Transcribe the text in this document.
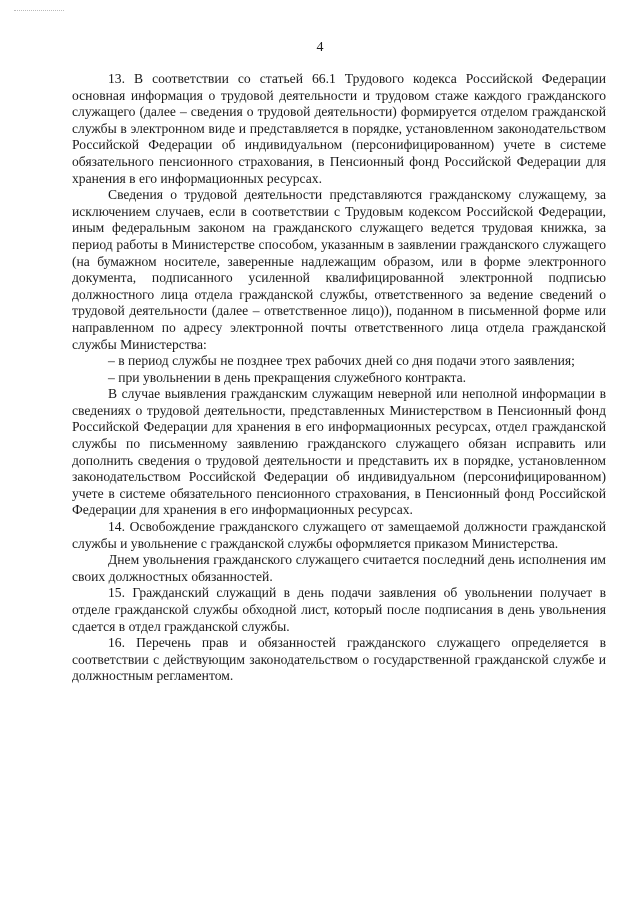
4

13. В соответствии со статьей 66.1 Трудового кодекса Российской Федерации основная информация о трудовой деятельности и трудовом стаже каждого гражданского служащего (далее – сведения о трудовой деятельности) формируется отделом гражданской службы в электронном виде и представляется в порядке, установленном законодательством Российской Федерации об индивидуальном (персонифицированном) учете в системе обязательного пенсионного страхования, в Пенсионный фонд Российской Федерации для хранения в его информационных ресурсах.

Сведения о трудовой деятельности представляются гражданскому служащему, за исключением случаев, если в соответствии с Трудовым кодексом Российской Федерации, иным федеральным законом на гражданского служащего ведется трудовая книжка, за период работы в Министерстве способом, указанным в заявлении гражданского служащего (на бумажном носителе, заверенные надлежащим образом, или в форме электронного документа, подписанного усиленной квалифицированной электронной подписью должностного лица отдела гражданской службы, ответственного за ведение сведений о трудовой деятельности (далее – ответственное лицо)), поданном в письменной форме или направленном по адресу электронной почты ответственного лица отдела гражданской службы Министерства:

– в период службы не позднее трех рабочих дней со дня подачи этого заявления;

– при увольнении в день прекращения служебного контракта.

В случае выявления гражданским служащим неверной или неполной информации в сведениях о трудовой деятельности, представленных Министерством в Пенсионный фонд Российской Федерации для хранения в его информационных ресурсах, отдел гражданской службы по письменному заявлению гражданского служащего обязан исправить или дополнить сведения о трудовой деятельности и представить их в порядке, установленном законодательством Российской Федерации об индивидуальном (персонифицированном) учете в системе обязательного пенсионного страхования, в Пенсионный фонд Российской Федерации для хранения в его информационных ресурсах.

14. Освобождение гражданского служащего от замещаемой должности гражданской службы и увольнение с гражданской службы оформляется приказом Министерства.

Днем увольнения гражданского служащего считается последний день исполнения им своих должностных обязанностей.

15. Гражданский служащий в день подачи заявления об увольнении получает в отделе гражданской службы обходной лист, который после подписания в день увольнения сдается в отдел гражданской службы.

16. Перечень прав и обязанностей гражданского служащего определяется в соответствии с действующим законодательством о государственной гражданской службе и должностным регламентом.
